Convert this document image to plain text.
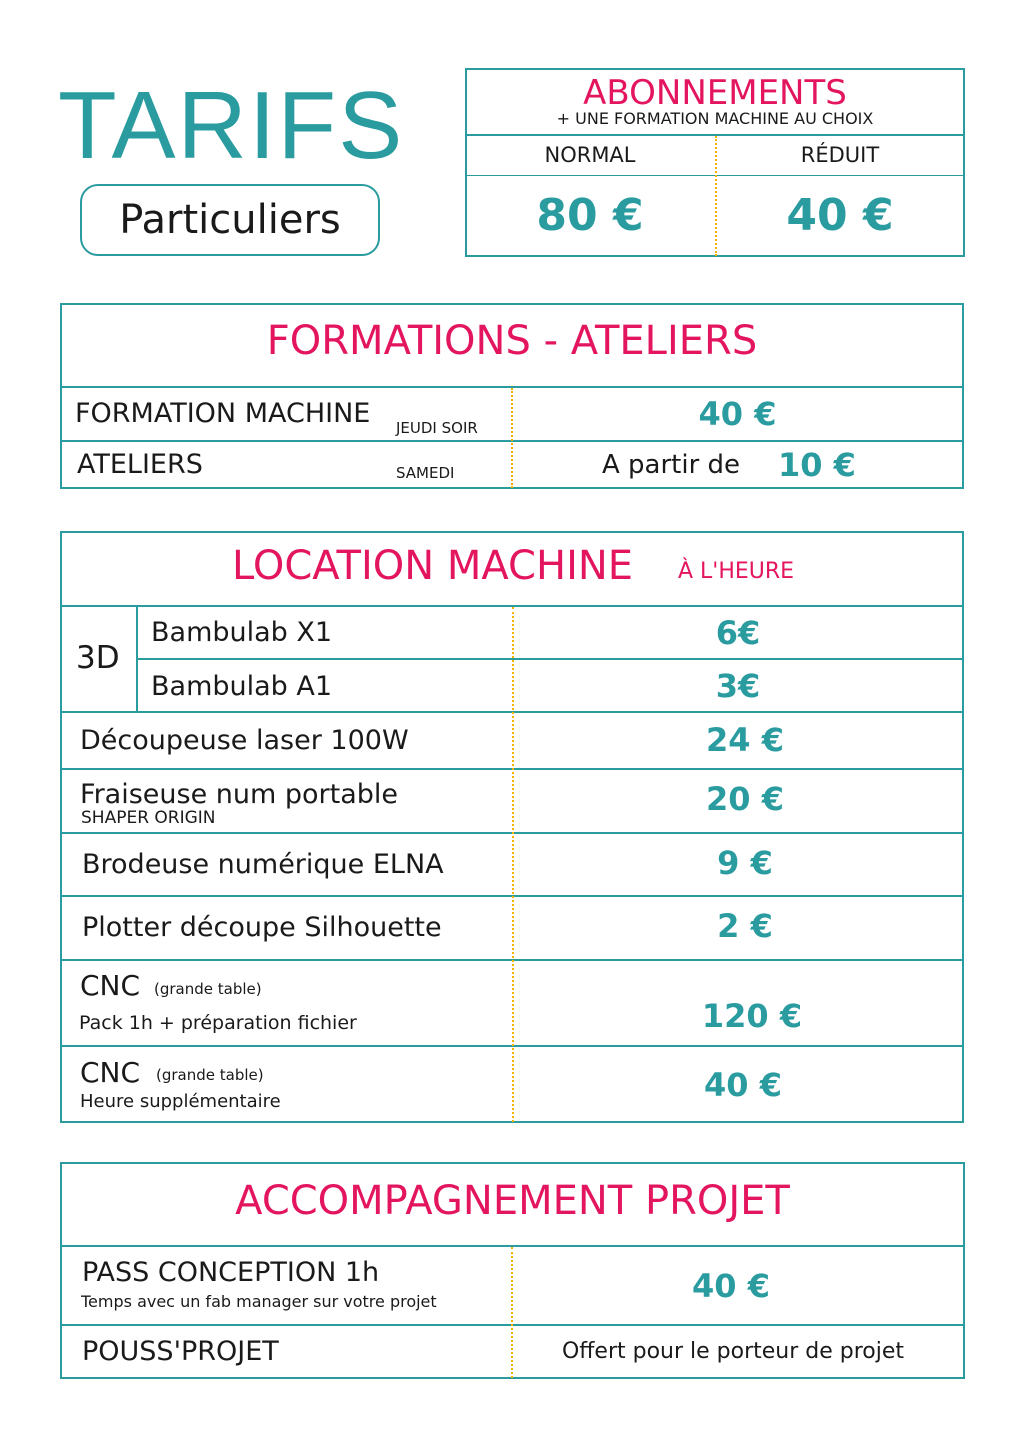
TARIFS
Particuliers
ABONNEMENTS
+ UNE FORMATION MACHINE AU CHOIX
NORMAL	RÉDUIT
80 €	40 €
FORMATIONS - ATELIERS
FORMATION MACHINE JEUDI SOIR	40 €
ATELIERS	SAMEDI	A partir de 10 €
LOCATION MACHINE À L'HEURE
3D
Bambulab X1	6€
Bambulab A1	3€
Découpeuse laser 100W	24 €
Fraiseuse num portable
SHAPER ORIGIN	20 €
Brodeuse numérique ELNA	9 €
Plotter découpe Silhouette	2 €
CNC (grande table)
Pack 1h + préparation fichier	120 €
CNC (grande table)
Heure supplémentaire	40 €
ACCOMPAGNEMENT PROJET
PASS CONCEPTION 1h
Temps avec un fab manager sur votre projet	40 €
POUSS'PROJET	Offert pour le porteur de projet
